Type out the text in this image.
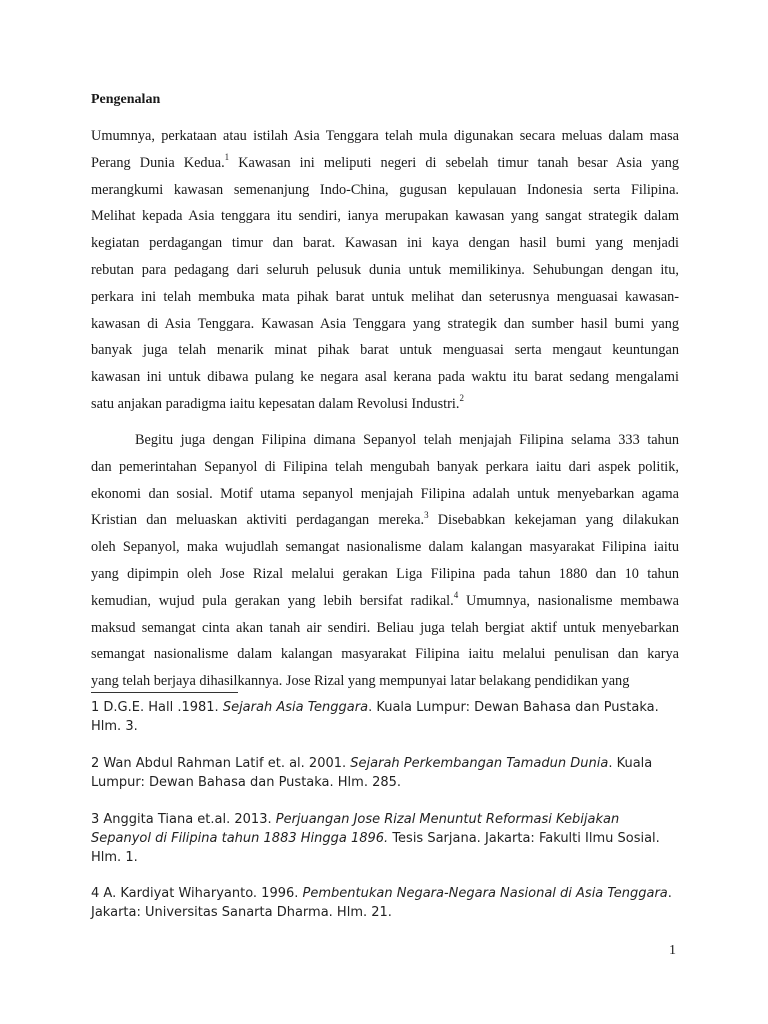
Pengenalan
Umumnya, perkataan atau istilah Asia Tenggara telah mula digunakan secara meluas dalam masa
Perang Dunia Kedua.$^1$ Kawasan ini meliputi negeri di sebelah timur tanah besar Asia yang
merangkumi kawasan semenanjung Indo-China, gugusan kepulauan Indonesia serta Filipina.
Melihat kepada Asia tenggara itu sendiri, ianya merupakan kawasan yang sangat strategik dalam
kegiatan perdagangan timur dan barat. Kawasan ini kaya dengan hasil bumi yang menjadi
rebutan para pedagang dari seluruh pelusuk dunia untuk memilikinya. Sehubungan dengan itu,
perkara ini telah membuka mata pihak barat untuk melihat dan seterusnya menguasai kawasan-
kawasan di Asia Tenggara. Kawasan Asia Tenggara yang strategik dan sumber hasil bumi yang
banyak juga telah menarik minat pihak barat untuk menguasai serta mengaut keuntungan
kawasan ini untuk dibawa pulang ke negara asal kerana pada waktu itu barat sedang mengalami
satu anjakan paradigma iaitu kepesatan dalam Revolusi Industri.$^2$
Begitu juga dengan Filipina dimana Sepanyol telah menjajah Filipina selama 333 tahun
dan pemerintahan Sepanyol di Filipina telah mengubah banyak perkara iaitu dari aspek politik,
ekonomi dan sosial. Motif utama sepanyol menjajah Filipina adalah untuk menyebarkan agama
Kristian dan meluaskan aktiviti perdagangan mereka.$^3$ Disebabkan kekejaman yang dilakukan
oleh Sepanyol, maka wujudlah semangat nasionalisme dalam kalangan masyarakat Filipina iaitu
yang dipimpin oleh Jose Rizal melalui gerakan Liga Filipina pada tahun 1880 dan 10 tahun
kemudian, wujud pula gerakan yang lebih bersifat radikal.$^4$ Umumnya, nasionalisme membawa
maksud semangat cinta akan tanah air sendiri. Beliau juga telah bergiat aktif untuk menyebarkan
semangat nasionalisme dalam kalangan masyarakat Filipina iaitu melalui penulisan dan karya
yang telah berjaya dihasilkannya. Jose Rizal yang mempunyai latar belakang pendidikan yang
1 D.G.E. Hall .1981. Sejarah Asia Tenggara. Kuala Lumpur: Dewan Bahasa dan Pustaka. Hlm. 3.
2 Wan Abdul Rahman Latif et. al. 2001. Sejarah Perkembangan Tamadun Dunia. Kuala Lumpur: Dewan Bahasa dan Pustaka. Hlm. 285.
3 Anggita Tiana et.al. 2013. Perjuangan Jose Rizal Menuntut Reformasi Kebijakan Sepanyol di Filipina tahun 1883 Hingga 1896. Tesis Sarjana. Jakarta: Fakulti Ilmu Sosial. Hlm. 1.
4 A. Kardiyat Wiharyanto. 1996. Pembentukan Negara-Negara Nasional di Asia Tenggara. Jakarta: Universitas Sanarta Dharma. Hlm. 21.
1
